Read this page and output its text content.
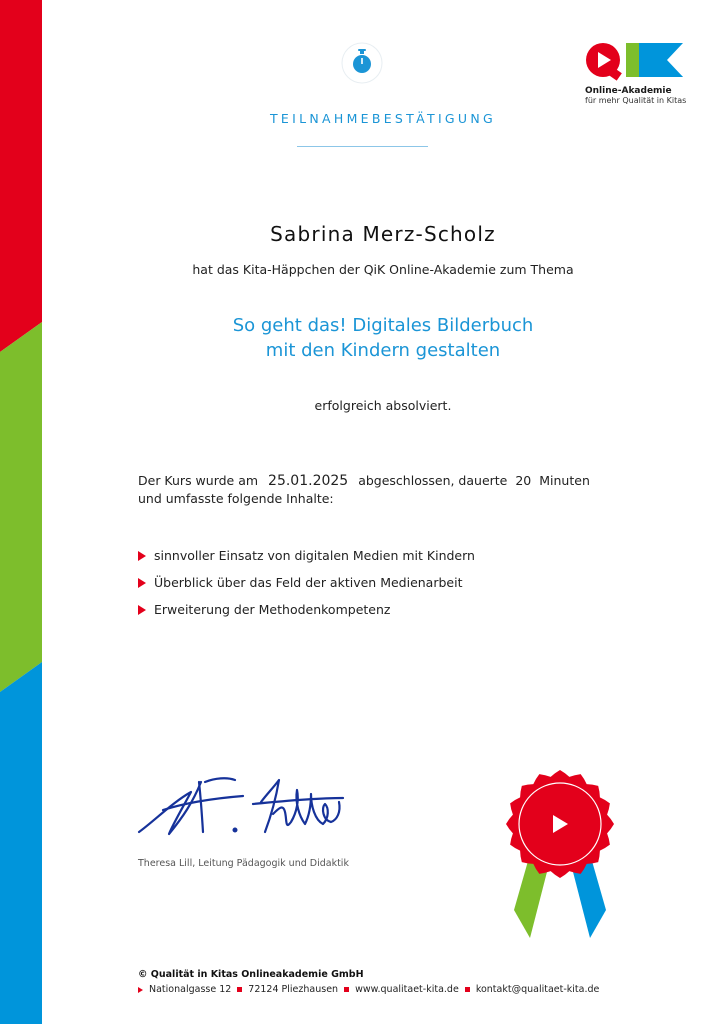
Online-Akademie
für mehr Qualität in Kitas
TEILNAHMEBESTÄTIGUNG
Sabrina Merz-Scholz
hat das Kita-Häppchen der QiK Online-Akademie zum Thema
So geht das! Digitales Bilderbuch
mit den Kindern gestalten
erfolgreich absolviert.
Der Kurs wurde am 25.01.2025 abgeschlossen, dauerte 20 Minuten
und umfasste folgende Inhalte:
sinnvoller Einsatz von digitalen Medien mit Kindern
Überblick über das Feld der aktiven Medienarbeit
Erweiterung der Methodenkompetenz
Theresa Lill, Leitung Pädagogik und Didaktik
© Qualität in Kitas Onlineakademie GmbH
Nationalgasse 12 72124 Pliezhausen www.qualitaet-kita.de kontakt@qualitaet-kita.de
